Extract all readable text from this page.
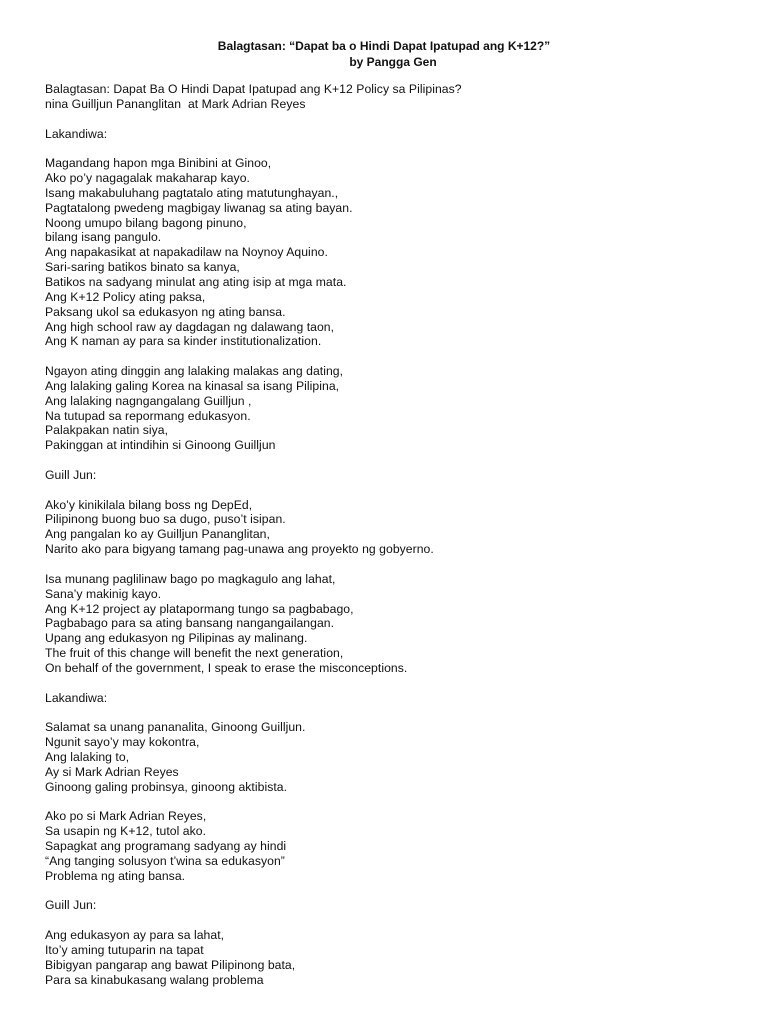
Balagtasan: “Dapat ba o Hindi Dapat Ipatupad ang K+12?”
by Pangga Gen
Balagtasan: Dapat Ba O Hindi Dapat Ipatupad ang K+12 Policy sa Pilipinas?
nina Guilljun Pananglitan  at Mark Adrian Reyes
Lakandiwa:
Magandang hapon mga Binibini at Ginoo,
Ako po’y nagagalak makaharap kayo.
Isang makabuluhang pagtatalo ating matutunghayan.,
Pagtatalong pwedeng magbigay liwanag sa ating bayan.
Noong umupo bilang bagong pinuno,
bilang isang pangulo.
Ang napakasikat at napakadilaw na Noynoy Aquino.
Sari-saring batikos binato sa kanya,
Batikos na sadyang minulat ang ating isip at mga mata.
Ang K+12 Policy ating paksa,
Paksang ukol sa edukasyon ng ating bansa.
Ang high school raw ay dagdagan ng dalawang taon,
Ang K naman ay para sa kinder institutionalization.
Ngayon ating dinggin ang lalaking malakas ang dating,
Ang lalaking galing Korea na kinasal sa isang Pilipina,
Ang lalaking nagngangalang Guilljun ,
Na tutupad sa repormang edukasyon.
Palakpakan natin siya,
Pakinggan at intindihin si Ginoong Guilljun
Guill Jun:
Ako’y kinikilala bilang boss ng DepEd,
Pilipinong buong buo sa dugo, puso’t isipan.
Ang pangalan ko ay Guilljun Pananglitan,
Narito ako para bigyang tamang pag-unawa ang proyekto ng gobyerno.
Isa munang paglilinaw bago po magkagulo ang lahat,
Sana’y makinig kayo.
Ang K+12 project ay platapormang tungo sa pagbabago,
Pagbabago para sa ating bansang nangangailangan.
Upang ang edukasyon ng Pilipinas ay malinang.
The fruit of this change will benefit the next generation,
On behalf of the government, I speak to erase the misconceptions.
Lakandiwa:
Salamat sa unang pananalita, Ginoong Guilljun.
Ngunit sayo’y may kokontra,
Ang lalaking to,
Ay si Mark Adrian Reyes
Ginoong galing probinsya, ginoong aktibista.
Ako po si Mark Adrian Reyes,
Sa usapin ng K+12, tutol ako.
Sapagkat ang programang sadyang ay hindi
“Ang tanging solusyon t’wina sa edukasyon”
Problema ng ating bansa.
Guill Jun:
Ang edukasyon ay para sa lahat,
Ito’y aming tutuparin na tapat
Bibigyan pangarap ang bawat Pilipinong bata,
Para sa kinabukasang walang problema
